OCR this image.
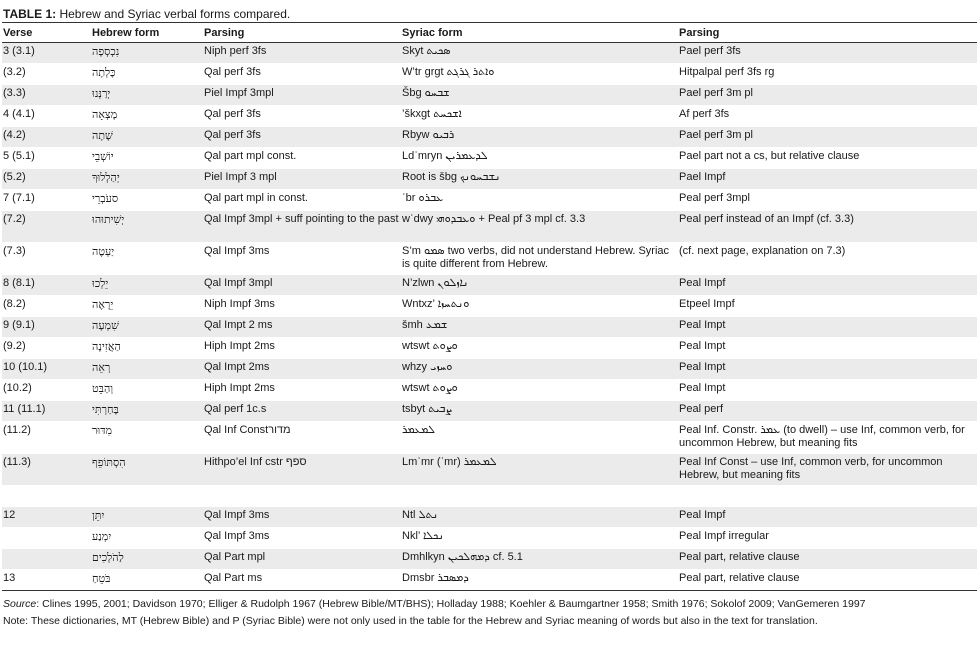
TABLE 1: Hebrew and Syriac verbal forms compared.
Verse	Hebrew form	Parsing	Syriac form	Parsing
3 (3.1)	נִכְסְפָה	Niph perf 3fs	Skyt ܣܟܝܬ	Pael perf 3fs
(3.2)	כָּלְתָה	Qal perf 3fs	W’tr grgt ܘܐܬܪ ܓܪܓܬ	Hitpalpal perf 3fs rg
(3.3)	יְרַנְּנוּ	Piel Impf 3mpl	Šbg ܫܒܚܘ	Pael perf 3m pl
4 (4.1)	מָצְאָה	Qal perf 3fs	’škxgt ܐܫܟܚܬ	Af perf 3fs
(4.2)	שָׁתָה	Qal perf 3fs	Rbyw ܪܒܝܘ	Pael perf 3m pl
5 (5.1)	יוֹשְׁבֵי	Qal part mpl const.	Ldʿmryn ܠܕܥܡܪܝܢ	Pael part not a cs, but relative clause
(5.2)	יְהַלְלוּךָ	Piel Impf 3 mpl	Root is šbg ܢܫܒܚܘܢܟ	Pael Impf
7 (7.1)	סעֹבְרֵי	Qal part mpl in const.	ʿbr ܥܒܪܘ	Peal perf 3mpl
(7.2)	יְשִׁיתוּהוּ	Qal Impf 3mpl + suff pointing to the past	wʿdwy ܘܥܒܕܘܗܝ + Peal pf 3 mpl cf. 3.3	Peal perf instead of an Impf (cf. 3.3)
(7.3)	יַעְטֶה	Qal Impf 3ms	S’m ܣܡܘ two verbs, did not understand Hebrew. Syriac is quite different from Hebrew.	(cf. next page, explanation on 7.3)
8 (8.1)	יֵלְכוּ	Qal Impf 3mpl	N’zlwn ܢܐܙܠܘܢ	Peal Impf
(8.2)	יֵרָאֶה	Niph Impf 3ms	Wntxz’ ܘܢܬܚܙܐ	Etpeel Impf
9 (9.1)	שִׁמְעָה	Qal Impt 2 ms	šmh ܫܡܥ	Peal Impt
(9.2)	הַאֲזִינָה	Hiph Impt 2ms	wtswt ܘܨܘܬ	Peal Impt
10 (10.1)	רְאֵה	Qal Impt 2ms	whzy ܘܚܙܝ	Peal Impt
(10.2)	וְהַבֵּט	Hiph Impt 2ms	wtswt ܘܨܘܬ	Peal Impt
11 (11.1)	בָּחַרְתִּי	Qal perf 1c.s	tsbyt ܨܒܝܬ	Peal perf
(11.2)	מִדּוּר	Qal Inf Constמדור	ܠܡܥܡܪ	Peal Inf. Constr. ܥܡܪ (to dwell) – use Inf, common verb, for uncommon Hebrew, but meaning fits
(11.3)	הִסְתּוֹפֵף	Hithpo’el Inf cstr ספף	Lmʿmr (ʿmr) ܠܡܥܡܪ	Peal Inf Const – use Inf, common verb, for uncommon Hebrew, but meaning fits

12	יִתֵּן	Qal Impf 3ms	Ntl ܢܬܠ	Peal Impf
	יִמְנַע	Qal Impf 3ms	Nkl’ ܢܟܠܐ	Peal Impf irregular
	לַהֹלְכִים	Qal Part mpl	Dmhlkyn ܕܡܗܠܟܝܢ cf. 5.1	Peal part, relative clause
13	בֹּטֵחַ	Qal Part ms	Dmsbr ܕܡܣܒܪ	Peal part, relative clause
Source: Clines 1995, 2001; Davidson 1970; Elliger & Rudolph 1967 (Hebrew Bible/MT/BHS); Holladay 1988; Koehler & Baumgartner 1958; Smith 1976; Sokolof 2009; VanGemeren 1997
Note: These dictionaries, MT (Hebrew Bible) and P (Syriac Bible) were not only used in the table for the Hebrew and Syriac meaning of words but also in the text for translation.
